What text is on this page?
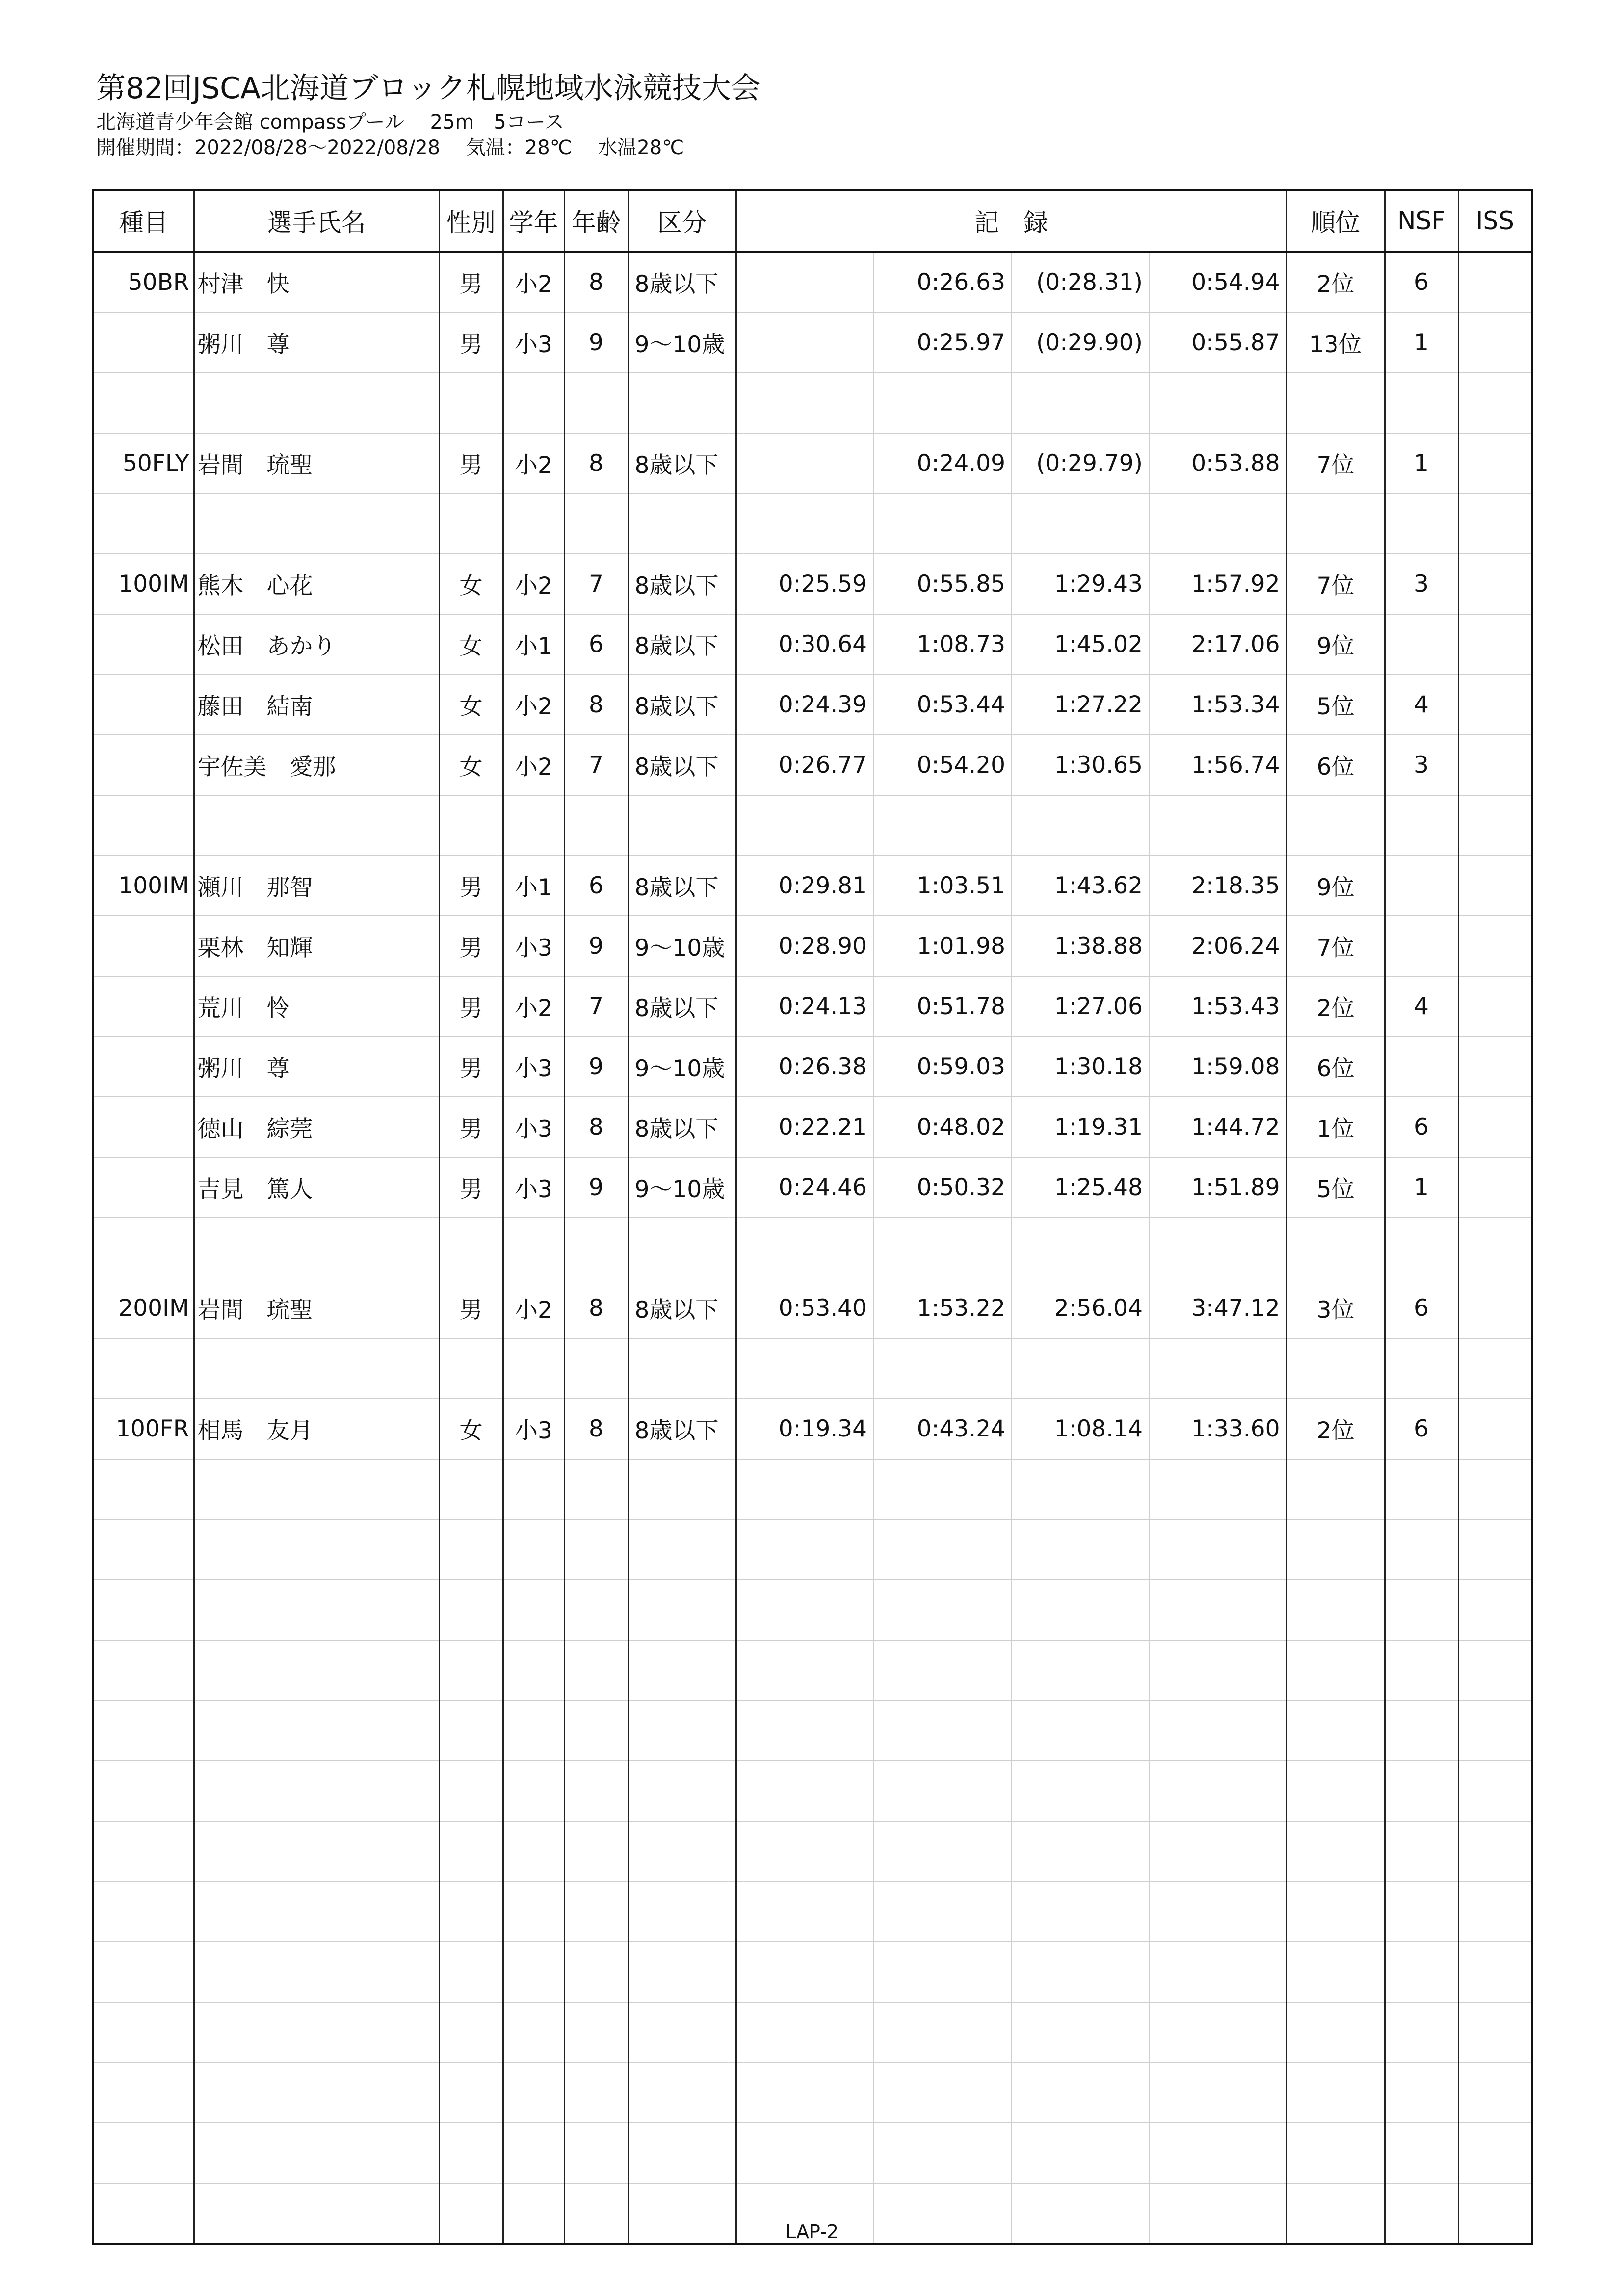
第82回JSCA北海道ブロック札幌地域水泳競技大会
北海道青少年会館 compassプール　 25m　5コース
開催期間：2022/08/28～2022/08/28　 気温：28℃　 水温28℃
種目	選手氏名	性別	学年	年齢	区分	記　録				順位	NSF	ISS
50BR	村津　快	男	小2	8	8歳以下		0:26.63	(0:28.31)	0:54.94	2位	6	
	粥川　尊	男	小3	9	9～10歳		0:25.97	(0:29.90)	0:55.87	13位	1	

50FLY	岩間　琉聖	男	小2	8	8歳以下		0:24.09	(0:29.79)	0:53.88	7位	1	

100IM	熊木　心花	女	小2	7	8歳以下	0:25.59	0:55.85	1:29.43	1:57.92	7位	3	
	松田　あかり	女	小1	6	8歳以下	0:30.64	1:08.73	1:45.02	2:17.06	9位		
	藤田　結南	女	小2	8	8歳以下	0:24.39	0:53.44	1:27.22	1:53.34	5位	4	
	宇佐美　愛那	女	小2	7	8歳以下	0:26.77	0:54.20	1:30.65	1:56.74	6位	3	

100IM	瀬川　那智	男	小1	6	8歳以下	0:29.81	1:03.51	1:43.62	2:18.35	9位		
	栗林　知輝	男	小3	9	9～10歳	0:28.90	1:01.98	1:38.88	2:06.24	7位		
	荒川　怜	男	小2	7	8歳以下	0:24.13	0:51.78	1:27.06	1:53.43	2位	4	
	粥川　尊	男	小3	9	9～10歳	0:26.38	0:59.03	1:30.18	1:59.08	6位		
	徳山　綜莞	男	小3	8	8歳以下	0:22.21	0:48.02	1:19.31	1:44.72	1位	6	
	吉見　篤人	男	小3	9	9～10歳	0:24.46	0:50.32	1:25.48	1:51.89	5位	1	

200IM	岩間　琉聖	男	小2	8	8歳以下	0:53.40	1:53.22	2:56.04	3:47.12	3位	6	

100FR	相馬　友月	女	小3	8	8歳以下	0:19.34	0:43.24	1:08.14	1:33.60	2位	6	

LAP-2
